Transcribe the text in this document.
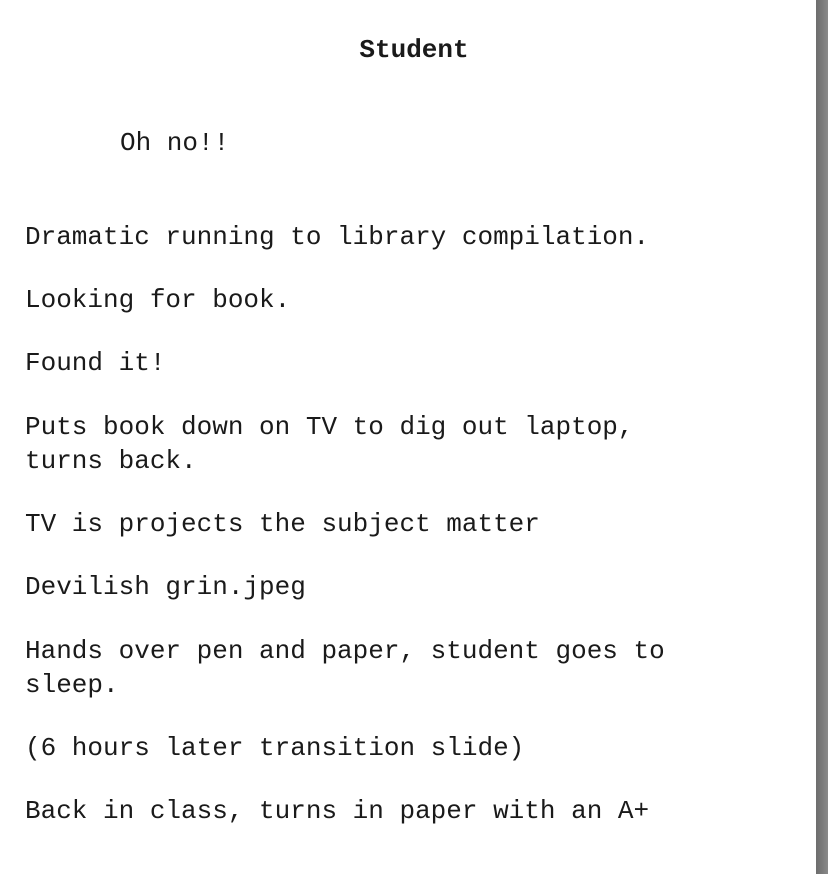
Student

Oh no!!

Dramatic running to library compilation.

Looking for book.

Found it!

Puts book down on TV to dig out laptop,

turns back.

TV is projects the subject matter

Devilish grin.jpeg

Hands over pen and paper, student goes to

sleep.

(6 hours later transition slide)

Back in class, turns in paper with an A+
